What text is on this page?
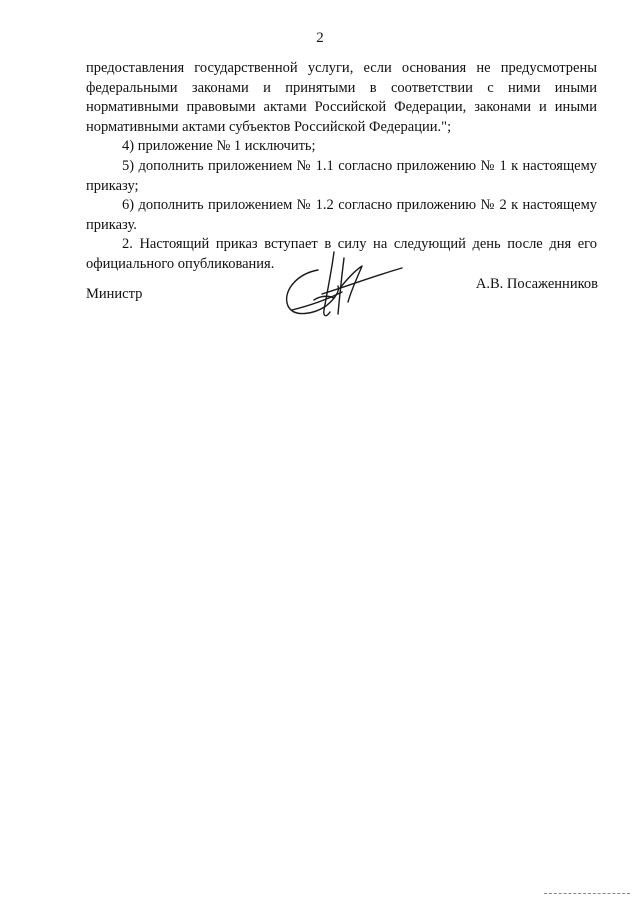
2

предоставления государственной услуги, если основания не предусмотрены федеральными законами и принятыми в соответствии с ними иными нормативными правовыми актами Российской Федерации, законами и иными нормативными актами субъектов Российской Федерации.";

4) приложение № 1 исключить;

5) дополнить приложением № 1.1 согласно приложению № 1 к настоящему приказу;

6) дополнить приложением № 1.2 согласно приложению № 2 к настоящему приказу.

2. Настоящий приказ вступает в силу на следующий день после дня его официального опубликования.

Министр
А.В. Посаженников
